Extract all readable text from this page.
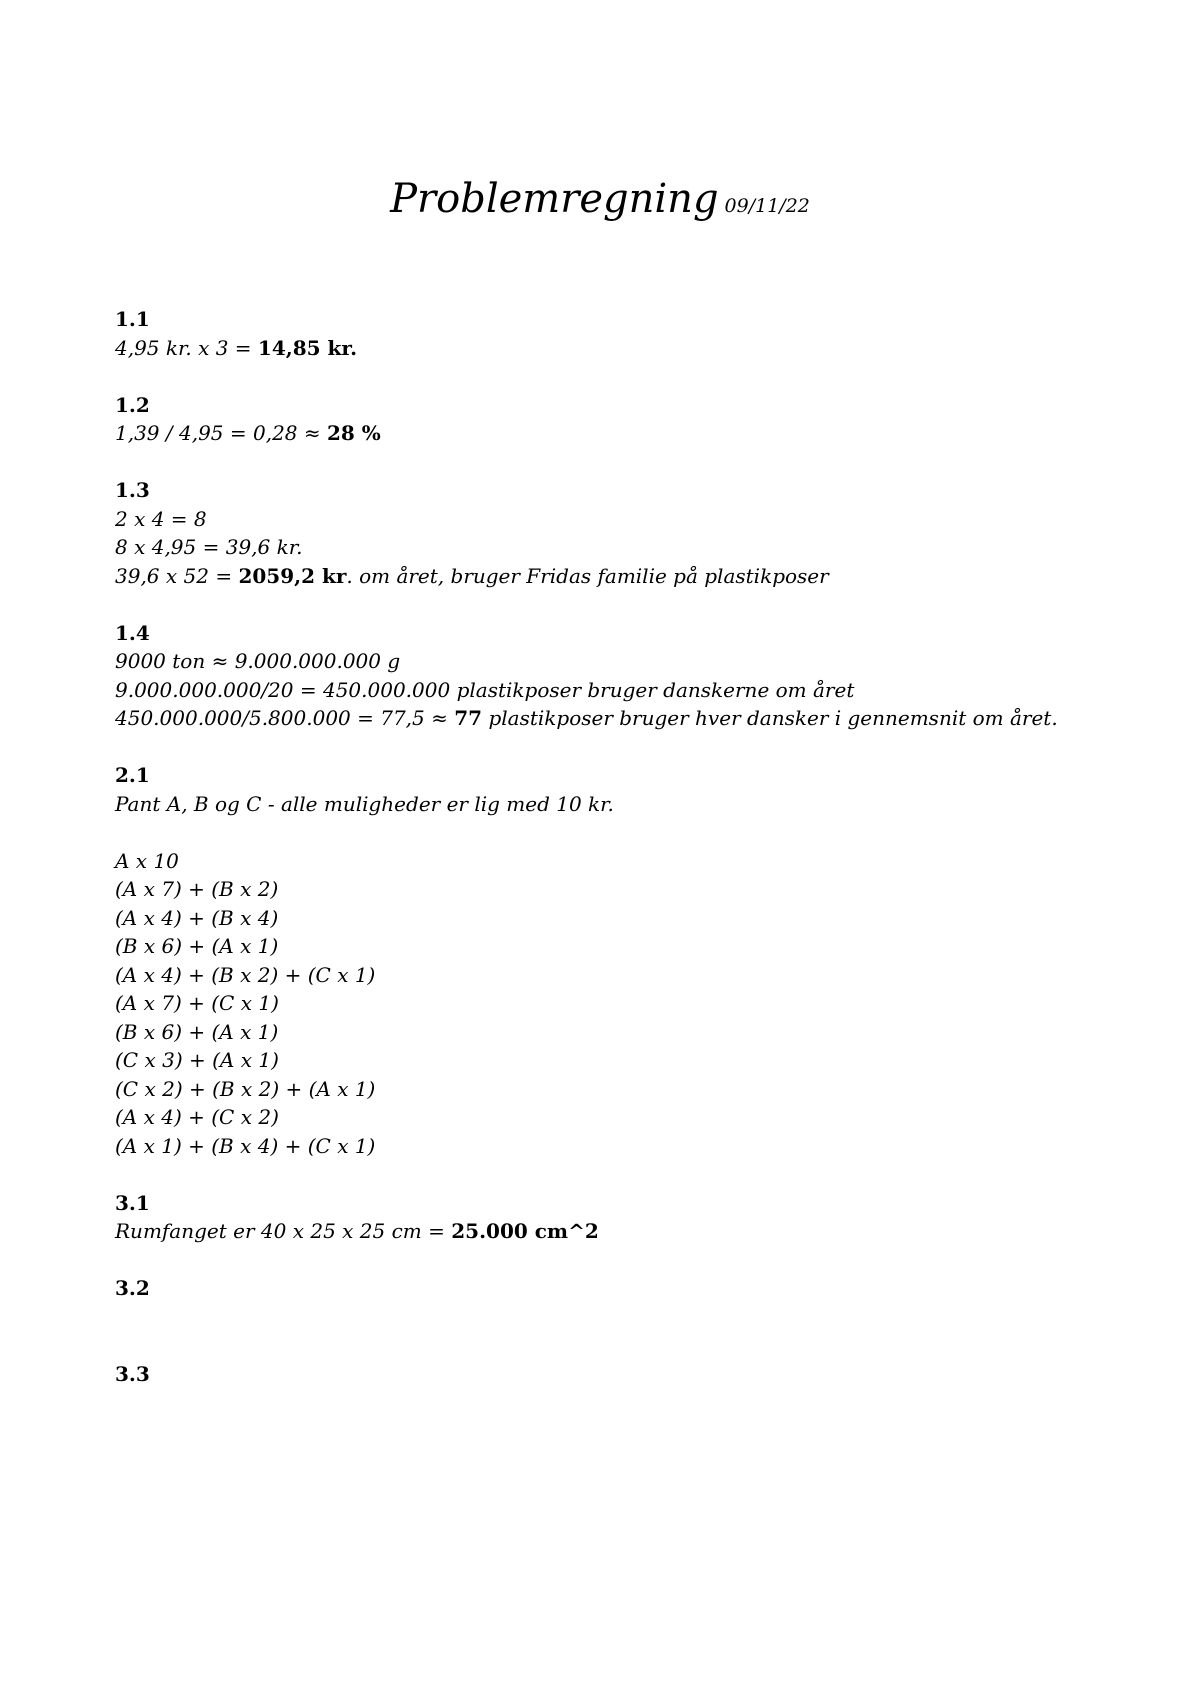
Problemregning 09/11/22
1.1
4,95 kr. x 3 = 14,85 kr.
1.2
1,39 / 4,95 = 0,28 ≈ 28 %
1.3
2 x 4 = 8
8 x 4,95 = 39,6 kr.
39,6 x 52 = 2059,2 kr. om året, bruger Fridas familie på plastikposer
1.4
9000 ton ≈ 9.000.000.000 g
9.000.000.000/20 = 450.000.000 plastikposer bruger danskerne om året
450.000.000/5.800.000 = 77,5 ≈ 77 plastikposer bruger hver dansker i gennemsnit om året.
2.1
Pant A, B og C - alle muligheder er lig med 10 kr.
A x 10
(A x 7) + (B x 2)
(A x 4) + (B x 4)
(B x 6) + (A x 1)
(A x 4) + (B x 2) + (C x 1)
(A x 7) + (C x 1)
(B x 6) + (A x 1)
(C x 3) + (A x 1)
(C x 2) + (B x 2) + (A x 1)
(A x 4) + (C x 2)
(A x 1) + (B x 4) + (C x 1)
3.1
Rumfanget er 40 x 25 x 25 cm = 25.000 cm^2
3.2
3.3
